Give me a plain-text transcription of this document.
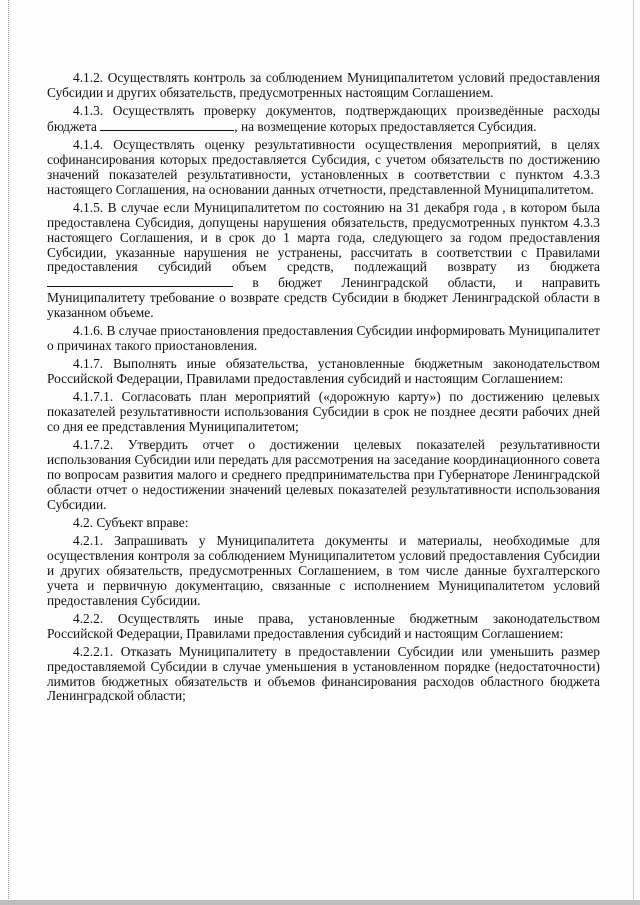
4.1.2. Осуществлять контроль за соблюдением Муниципалитетом условий предоставления Субсидии и других обязательств, предусмотренных настоящим Соглашением.

4.1.3. Осуществлять проверку документов, подтверждающих произведённые расходы бюджета	, на возмещение которых предоставляется Субсидия.

4.1.4. Осуществлять оценку результативности осуществления мероприятий, в целях софинансирования которых предоставляется Субсидия, с учетом обязательств по достижению значений показателей результативности, установленных в соответствии с пунктом 4.3.3 настоящего Соглашения, на основании данных отчетности, представленной Муниципалитетом.

4.1.5. В случае если Муниципалитетом по состоянию на 31 декабря года , в котором была предоставлена Субсидия, допущены нарушения обязательств, предусмотренных пунктом 4.3.3 настоящего Соглашения, и в срок до 1 марта года, следующего за годом предоставления Субсидии, указанные нарушения не устранены, рассчитать в соответствии с Правилами предоставления субсидий объем средств, подлежащий возврату из бюджета  в бюджет Ленинградской области, и направить Муниципалитету требование о возврате средств Субсидии в бюджет Ленинградской области в указанном объеме.

4.1.6. В случае приостановления предоставления Субсидии информировать Муниципалитет о причинах такого приостановления.

4.1.7. Выполнять иные обязательства, установленные бюджетным законодательством Российской Федерации, Правилами предоставления субсидий и настоящим Соглашением:

4.1.7.1. Согласовать план мероприятий («дорожную карту») по достижению целевых показателей результативности использования Субсидии в срок не позднее десяти рабочих дней со дня ее представления Муниципалитетом;

4.1.7.2. Утвердить отчет о достижении целевых показателей результативности использования Субсидии или передать для рассмотрения на заседание координационного совета по вопросам развития малого и среднего предпринимательства при Губернаторе Ленинградской области отчет о недостижении значений целевых показателей результативности использования Субсидии.

4.2. Субъект вправе:

4.2.1. Запрашивать у Муниципалитета документы и материалы, необходимые для осуществления контроля за соблюдением Муниципалитетом условий предоставления Субсидии и других обязательств, предусмотренных Соглашением, в том числе данные бухгалтерского учета и первичную документацию, связанные с исполнением Муниципалитетом условий предоставления Субсидии.

4.2.2. Осуществлять иные права, установленные бюджетным законодательством Российской Федерации, Правилами предоставления субсидий и настоящим Соглашением:

4.2.2.1. Отказать Муниципалитету в предоставлении Субсидии или уменьшить размер предоставляемой Субсидии в случае уменьшения в установленном порядке (недостаточности) лимитов бюджетных обязательств и объемов финансирования расходов областного бюджета Ленинградской области;
